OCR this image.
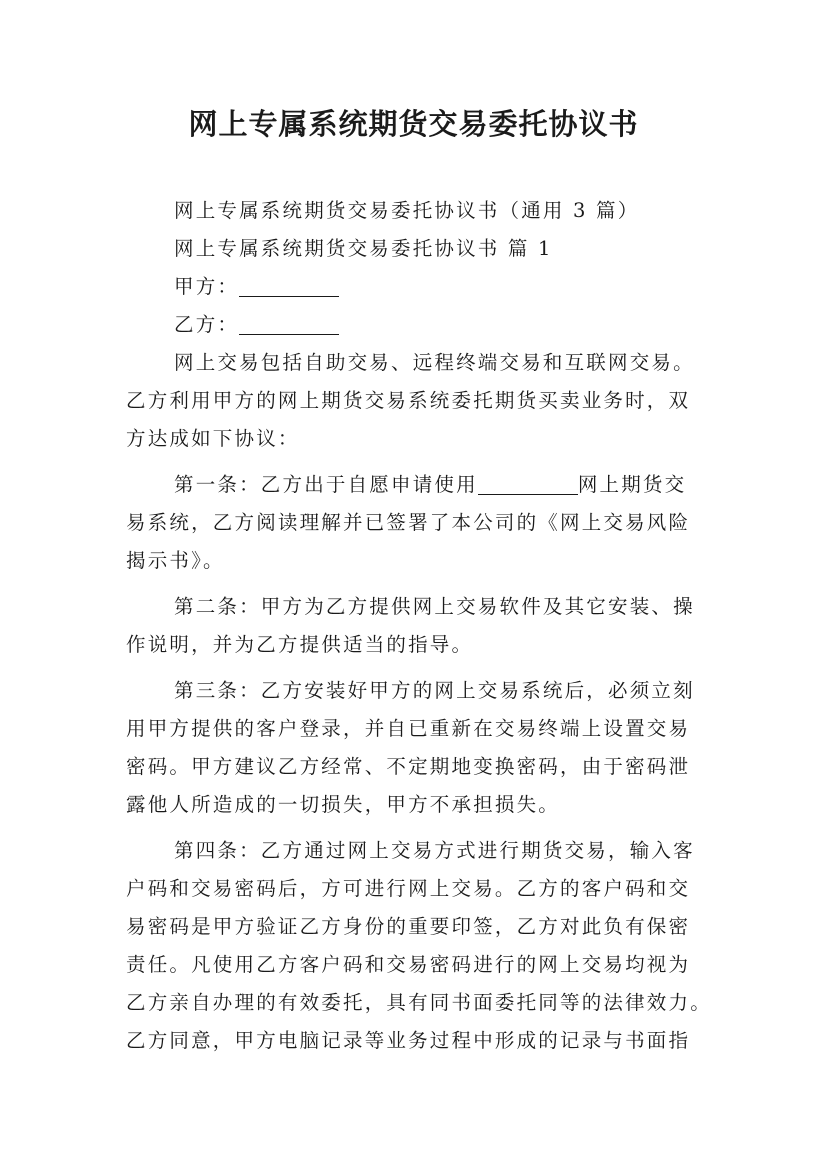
网上专属系统期货交易委托协议书
网上专属系统期货交易委托协议书（通用 3 篇）
网上专属系统期货交易委托协议书 篇 1
甲方：
乙方：
网上交易包括自助交易、远程终端交易和互联网交易。
乙方利用甲方的网上期货交易系统委托期货买卖业务时，双
方达成如下协议：
第一条：乙方出于自愿申请使用	网上期货交
易系统，乙方阅读理解并已签署了本公司的《网上交易风险
揭示书》。
第二条：甲方为乙方提供网上交易软件及其它安装、操
作说明，并为乙方提供适当的指导。
第三条：乙方安装好甲方的网上交易系统后，必须立刻
用甲方提供的客户登录，并自已重新在交易终端上设置交易
密码。甲方建议乙方经常、不定期地变换密码，由于密码泄
露他人所造成的一切损失，甲方不承担损失。
第四条：乙方通过网上交易方式进行期货交易，输入客
户码和交易密码后，方可进行网上交易。乙方的客户码和交
易密码是甲方验证乙方身份的重要印签，乙方对此负有保密
责任。凡使用乙方客户码和交易密码进行的网上交易均视为
乙方亲自办理的有效委托，具有同书面委托同等的法律效力。
乙方同意，甲方电脑记录等业务过程中形成的记录与书面指
